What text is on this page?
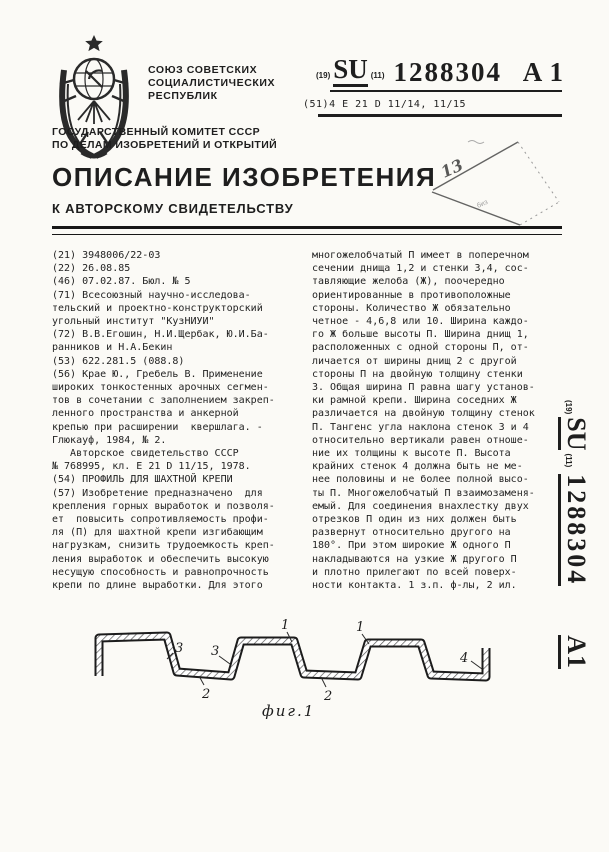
СОЮЗ СОВЕТСКИХ
СОЦИАЛИСТИЧЕСКИХ
РЕСПУБЛИК
(19) SU (11) 1288304 A 1
(51)4 Е 21 D 11/14, 11/15
ГОСУДАРСТВЕННЫЙ КОМИТЕТ СССР
ПО ДЕЛАМ ИЗОБРЕТЕНИЙ И ОТКРЫТИЙ
ОПИСАНИЕ ИЗОБРЕТЕНИЯ
К АВТОРСКОМУ СВИДЕТЕЛЬСТВУ
13
биз
(21) 3948006/22-03
(22) 26.08.85
(46) 07.02.87. Бюл. № 5
(71) Всесоюзный научно-исследова-
тельский и проектно-конструкторский
угольный институт "КузНИУИ"
(72) В.В.Егошин, Н.И.Щербак, Ю.И.Ба-
ранников и Н.А.Бекин
(53) 622.281.5 (088.8)
(56) Крае Ю., Гребель В. Применение
широких тонкостенных арочных сегмен-
тов в сочетании с заполнением закреп-
ленного пространства и анкерной
крепью при расширении  квершлага. -
Глюкауф, 1984, № 2.
Авторское свидетельство СССР
№ 768995, кл. Е 21 D 11/15, 1978.
(54) ПРОФИЛЬ ДЛЯ ШАХТНОЙ КРЕПИ
(57) Изобретение предназначено  для
крепления горных выработок и позволя-
ет  повысить сопротивляемость профи-
ля (П) для шахтной крепи изгибающим
нагрузкам, снизить трудоемкость креп-
ления выработок и обеспечить высокую
несущую способность и равнопрочность
крепи по длине выработки. Для этого
многожелобчатый П имеет в поперечном
сечении днища 1,2 и стенки 3,4, сос-
тавляющие желоба (Ж), поочередно
ориентированные в противоположные
стороны. Количество Ж обязательно
четное - 4,6,8 или 10. Ширина каждо-
го Ж больше высоты П. Ширина днищ 1,
расположенных с одной стороны П, от-
личается от ширины днищ 2 с другой
стороны П на двойную толщину стенки
3. Общая ширина П равна шагу установ-
ки рамной крепи. Ширина соседних Ж
различается на двойную толщину стенок
П. Тангенс угла наклона стенок 3 и 4
относительно вертикали равен отноше-
ние их толщины к высоте П. Высота
крайних стенок 4 должна быть не ме-
нее половины и не более полной высо-
ты П. Многожелобчатый П взаимозаменя-
емый. Для соединения внахлестку двух
отрезков П один из них должен быть
развернут относительно другого на
180°. При этом широкие Ж одного П
накладываются на узкие Ж другого П
и плотно прилегают по всей поверх-
ности контакта. 1 з.п. ф-лы, 2 ил.
1	1
2	2
3 3	4
фиг.1
(19)
SU
(11)
1288304
А1
